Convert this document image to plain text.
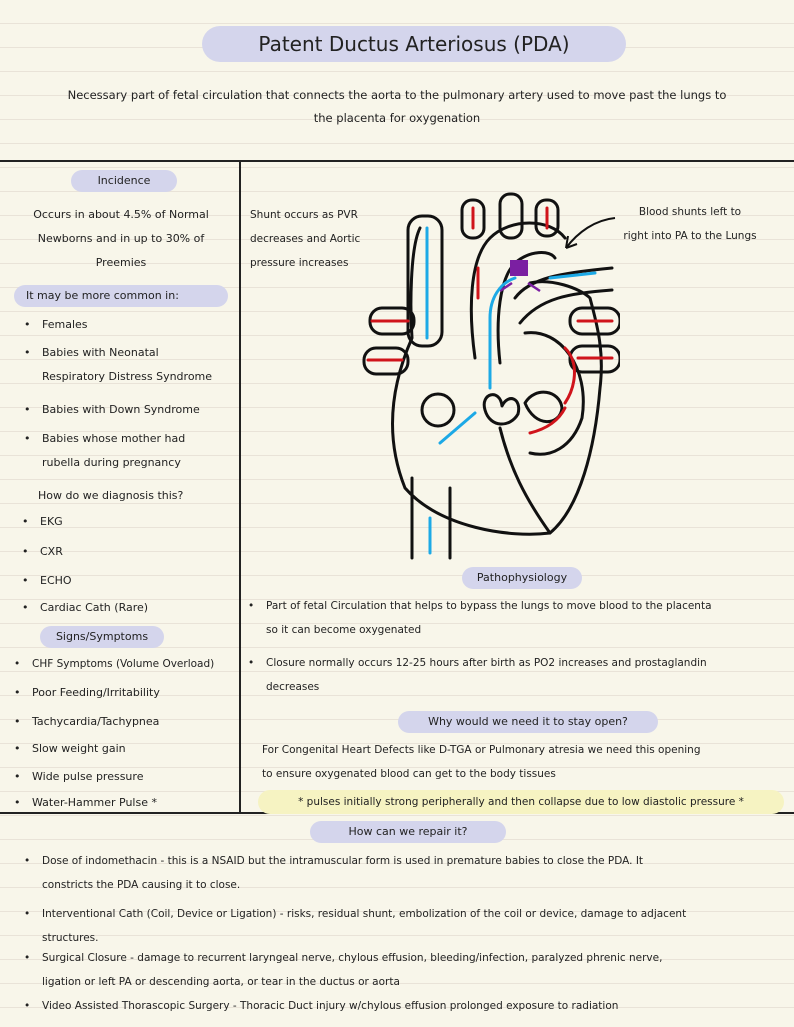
Patent Ductus Arteriosus (PDA)
Necessary part of fetal circulation that connects the aorta to the pulmonary artery used to move past the lungs to
the placenta for oxygenation
Incidence
Occurs in about 4.5% of Normal
Newborns and in up to 30% of
Preemies
It may be more common in:
• Females
• Babies with Neonatal
Respiratory Distress Syndrome
• Babies with Down Syndrome
• Babies whose mother had
rubella during pregnancy
How do we diagnosis this?
• EKG
• CXR
• ECHO
• Cardiac Cath (Rare)
Signs/Symptoms
• CHF Symptoms (Volume Overload)
• Poor Feeding/Irritability
• Tachycardia/Tachypnea
• Slow weight gain
• Wide pulse pressure
• Water-Hammer Pulse *
Shunt occurs as PVR
decreases and Aortic
pressure increases
Blood shunts left to
right into PA to the Lungs
Pathophysiology
• Part of fetal Circulation that helps to bypass the lungs to move blood to the placenta
so it can become oxygenated
• Closure normally occurs 12-25 hours after birth as PO2 increases and prostaglandin
decreases
Why would we need it to stay open?
For Congenital Heart Defects like D-TGA or Pulmonary atresia we need this opening
to ensure oxygenated blood can get to the body tissues
* pulses initially strong peripherally and then collapse due to low diastolic pressure *
How can we repair it?
• Dose of indomethacin - this is a NSAID but the intramuscular form is used in premature babies to close the PDA. It
constricts the PDA causing it to close.
• Interventional Cath (Coil, Device or Ligation) - risks, residual shunt, embolization of the coil or device, damage to adjacent
structures.
• Surgical Closure - damage to recurrent laryngeal nerve, chylous effusion, bleeding/infection, paralyzed phrenic nerve,
ligation or left PA or descending aorta, or tear in the ductus or aorta
• Video Assisted Thorascopic Surgery - Thoracic Duct injury w/chylous effusion prolonged exposure to radiation
